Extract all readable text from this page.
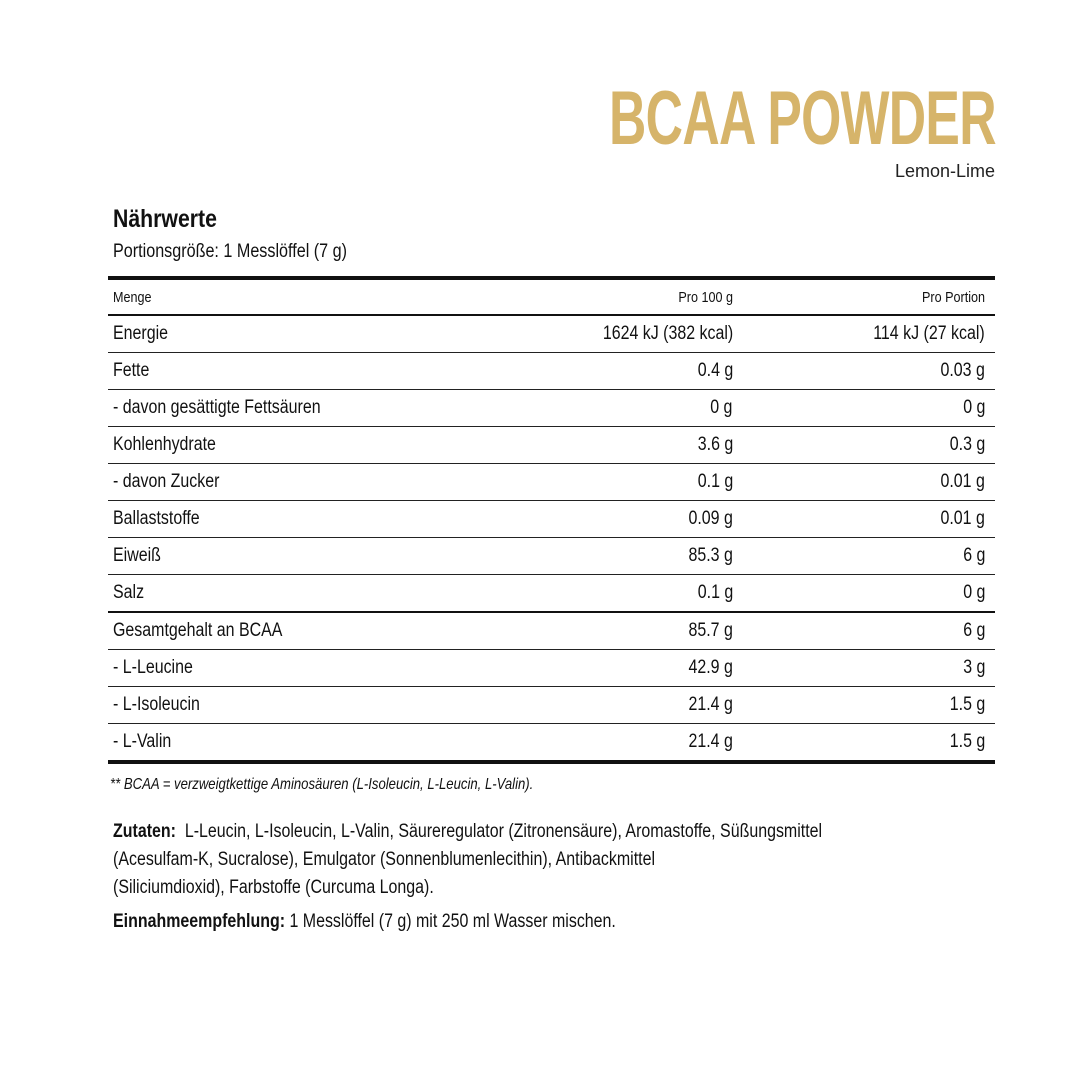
BCAA POWDER
Lemon-Lime
Nährwerte
Portionsgröße: 1 Messlöffel (7 g)
Menge	Pro 100 g	Pro Portion
Energie	1624 kJ (382 kcal)	114 kJ (27 kcal)
Fette	0.4 g	0.03 g
- davon gesättigte Fettsäuren	0 g	0 g
Kohlenhydrate	3.6 g	0.3 g
- davon Zucker	0.1 g	0.01 g
Ballaststoffe	0.09 g	0.01 g
Eiweiß	85.3 g	6 g
Salz	0.1 g	0 g
Gesamtgehalt an BCAA	85.7 g	6 g
- L-Leucine	42.9 g	3 g
- L-Isoleucin	21.4 g	1.5 g
- L-Valin	21.4 g	1.5 g
** BCAA = verzweigtkettige Aminosäuren (L-Isoleucin, L-Leucin, L-Valin).

Zutaten: L-Leucin, L-Isoleucin, L-Valin, Säureregulator (Zitronensäure), Aromastoffe, Süßungsmittel
(Acesulfam-K, Sucralose), Emulgator (Sonnenblumenlecithin), Antibackmittel
(Siliciumdioxid), Farbstoffe (Curcuma Longa).

Einnahmeempfehlung: 1 Messlöffel (7 g) mit 250 ml Wasser mischen.
